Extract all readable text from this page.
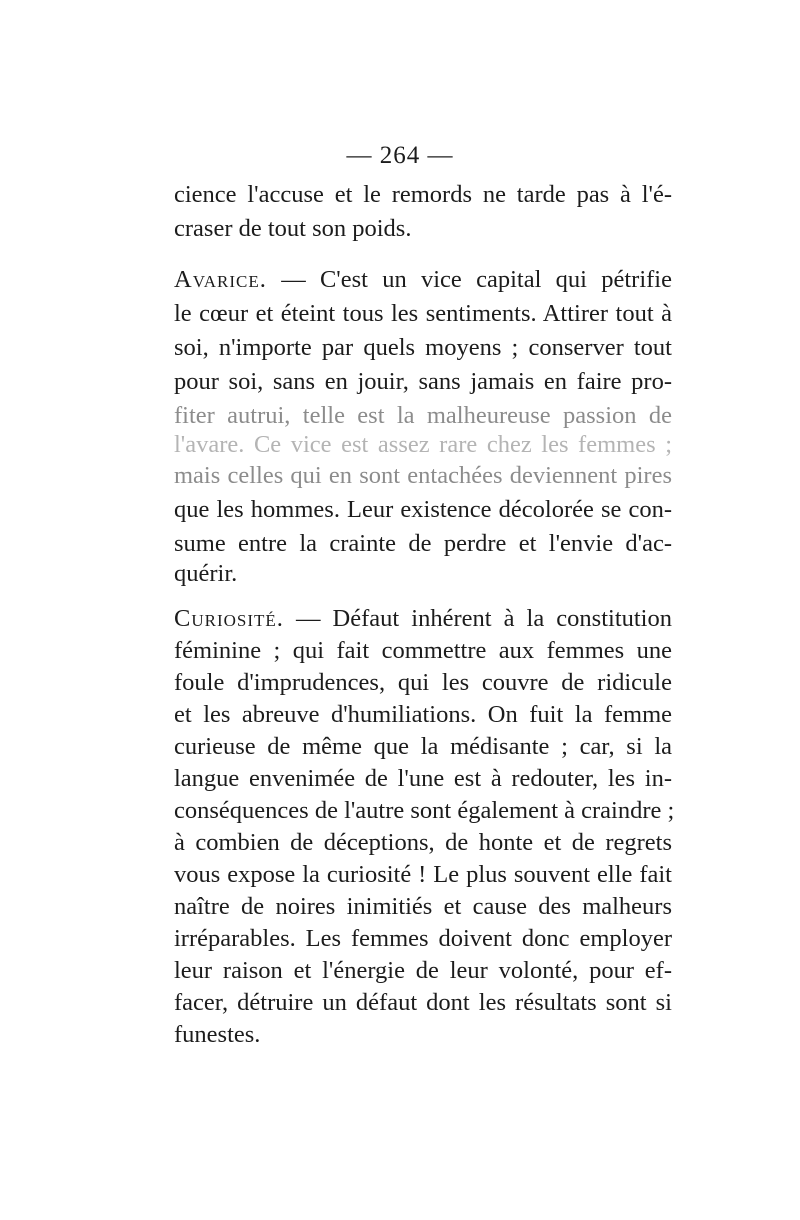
— 264 —
cience l'accuse et le remords ne tarde pas à l'é-
craser de tout son poids.
Avarice. — C'est un vice capital qui pétrifie
le cœur et éteint tous les sentiments. Attirer tout à
soi, n'importe par quels moyens ; conserver tout
pour soi, sans en jouir, sans jamais en faire pro-
fiter autrui, telle est la malheureuse passion de
l'avare. Ce vice est assez rare chez les femmes ;
mais celles qui en sont entachées deviennent pires
que les hommes. Leur existence décolorée se con-
sume entre la crainte de perdre et l'envie d'ac-
quérir.
Curiosité. — Défaut inhérent à la constitution
féminine ; qui fait commettre aux femmes une
foule d'imprudences, qui les couvre de ridicule
et les abreuve d'humiliations. On fuit la femme
curieuse de même que la médisante ; car, si la
langue envenimée de l'une est à redouter, les in-
conséquences de l'autre sont également à craindre ;
à combien de déceptions, de honte et de regrets
vous expose la curiosité ! Le plus souvent elle fait
naître de noires inimitiés et cause des malheurs
irréparables. Les femmes doivent donc employer
leur raison et l'énergie de leur volonté, pour ef-
facer, détruire un défaut dont les résultats sont si
funestes.
